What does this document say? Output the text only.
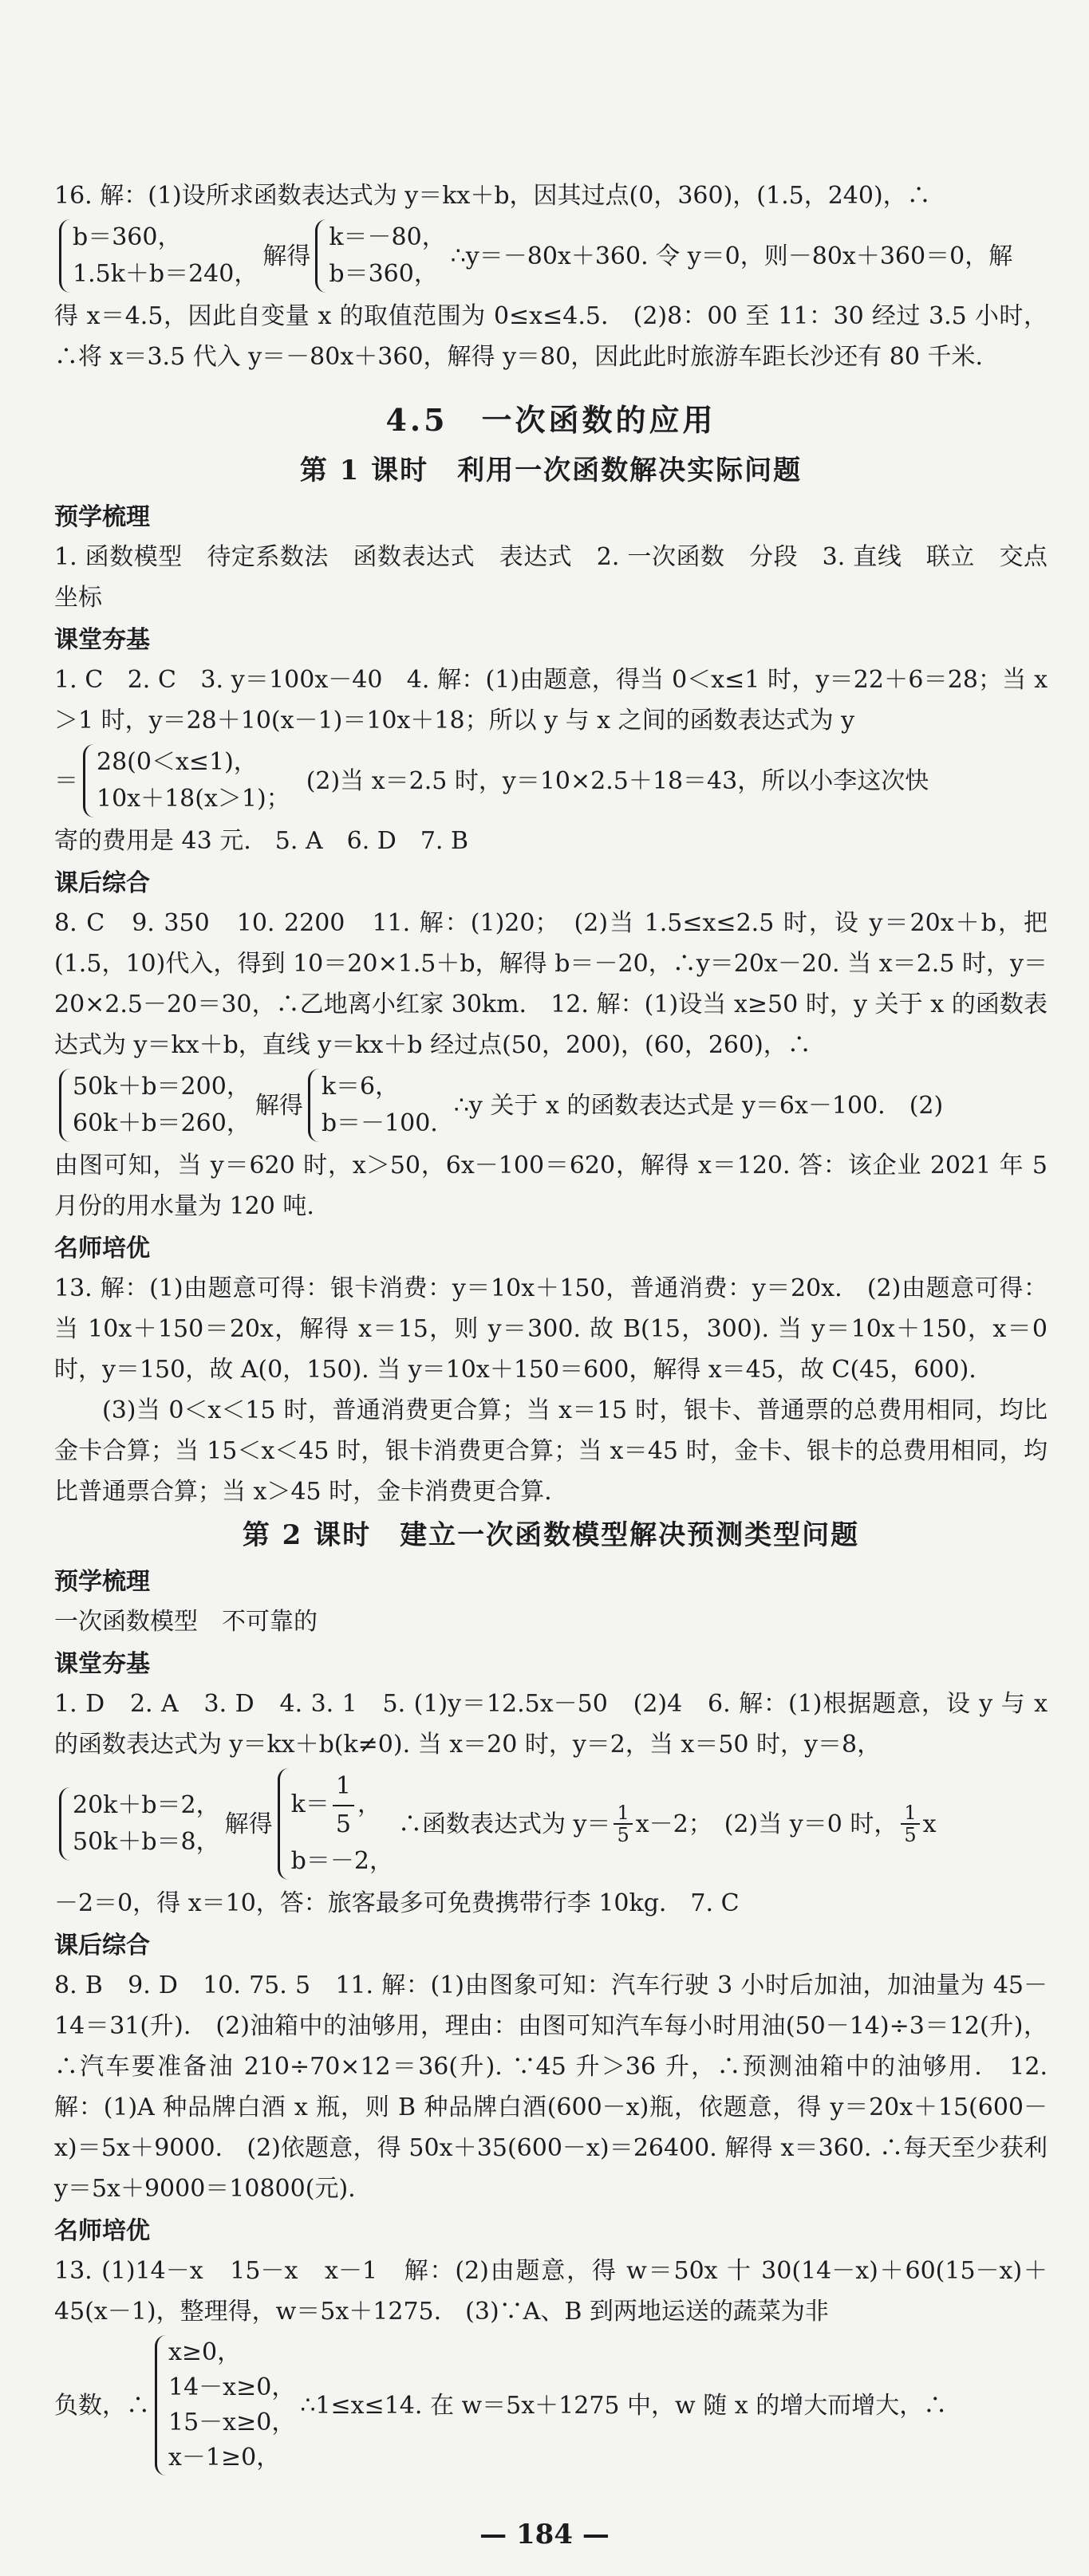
16. 解：(1)设所求函数表达式为 y＝kx＋b，因其过点(0，360)，(1.5，240)，∴

b＝360，
1.5k＋b＝240，
解得
k＝－80，
b＝360，
∴y＝－80x＋360. 令 y＝0，则－80x＋360＝0，解

得 x＝4.5，因此自变量 x 的取值范围为 0≤x≤4.5.　(2)8：00 至 11：30 经过 3.5 小时，∴将 x＝3.5 代入 y＝－80x＋360，解得 y＝80，因此此时旅游车距长沙还有 80 千米.

4.5　一次函数的应用
第 1 课时　利用一次函数解决实际问题
预学梳理

1. 函数模型　待定系数法　函数表达式　表达式　2. 一次函数　分段　3. 直线　联立　交点坐标

课堂夯基

1. C　2. C　3. y＝100x－40　4. 解：(1)由题意，得当 0＜x≤1 时，y＝22＋6＝28；当 x＞1 时，y＝28＋10(x－1)＝10x＋18；所以 y 与 x 之间的函数表达式为 y

＝
28(0＜x≤1)，
10x＋18(x＞1)；
(2)当 x＝2.5 时，y＝10×2.5＋18＝43，所以小李这次快

寄的费用是 43 元.　5. A　6. D　7. B

课后综合

8. C　9. 350　10. 2200　11. 解：(1)20；　(2)当 1.5≤x≤2.5 时，设 y＝20x＋b，把(1.5，10)代入，得到 10＝20×1.5＋b，解得 b＝－20，∴y＝20x－20. 当 x＝2.5 时，y＝20×2.5－20＝30，∴乙地离小红家 30km.　12. 解：(1)设当 x≥50 时，y 关于 x 的函数表达式为 y＝kx＋b，直线 y＝kx＋b 经过点(50，200)，(60，260)，∴

50k＋b＝200，
60k＋b＝260，
解得
k＝6，
b＝－100.
∴y 关于 x 的函数表达式是 y＝6x－100.　(2)

由图可知，当 y＝620 时，x＞50，6x－100＝620，解得 x＝120. 答：该企业 2021 年 5 月份的用水量为 120 吨.

名师培优

13. 解：(1)由题意可得：银卡消费：y＝10x＋150，普通消费：y＝20x.　(2)由题意可得：当 10x＋150＝20x，解得 x＝15，则 y＝300. 故 B(15，300). 当 y＝10x＋150，x＝0 时，y＝150，故 A(0，150). 当 y＝10x＋150＝600，解得 x＝45，故 C(45，600).

(3)当 0＜x＜15 时，普通消费更合算；当 x＝15 时，银卡、普通票的总费用相同，均比金卡合算；当 15＜x＜45 时，银卡消费更合算；当 x＝45 时，金卡、银卡的总费用相同，均比普通票合算；当 x＞45 时，金卡消费更合算.

第 2 课时　建立一次函数模型解决预测类型问题
预学梳理

一次函数模型　不可靠的

课堂夯基

1. D　2. A　3. D　4. 3. 1　5. (1)y＝12.5x－50　(2)4　6. 解：(1)根据题意，设 y 与 x 的函数表达式为 y＝kx＋b(k≠0). 当 x＝20 时，y＝2，当 x＝50 时，y＝8，

20k＋b＝2，
50k＋b＝8，
解得
$k= \frac{1}{5}$ ，
b＝－2，
∴函数表达式为 $y= \frac{1}{5} x-2$；　(2)当 y＝0 时， $\frac{1}{5}$ x

－2＝0，得 x＝10，答：旅客最多可免费携带行李 10kg.　7. C

课后综合

8. B　9. D　10. 75. 5　11. 解：(1)由图象可知：汽车行驶 3 小时后加油，加油量为 45－14＝31(升).　(2)油箱中的油够用，理由：由图可知汽车每小时用油(50－14)÷3＝12(升)，∴汽车要准备油 210÷70×12＝36(升). ∵45 升＞36 升，∴预测油箱中的油够用.　12. 解：(1)A 种品牌白酒 x 瓶，则 B 种品牌白酒(600－x)瓶，依题意，得 y＝20x＋15(600－x)＝5x＋9000.　(2)依题意，得 50x＋35(600－x)＝26400. 解得 x＝360. ∴每天至少获利 y＝5x＋9000＝10800(元).

名师培优

13. (1)14－x　15－x　x－1　解：(2)由题意，得 w＝50x 十 30(14－x)＋60(15－x)＋45(x－1)，整理得，w＝5x＋1275.　(3)∵A、B 到两地运送的蔬菜为非

负数，∴
x≥0，
14－x≥0，
15－x≥0，
x－1≥0，
∴1≤x≤14. 在 w＝5x＋1275 中，w 随 x 的增大而增大，∴
— 184 —
